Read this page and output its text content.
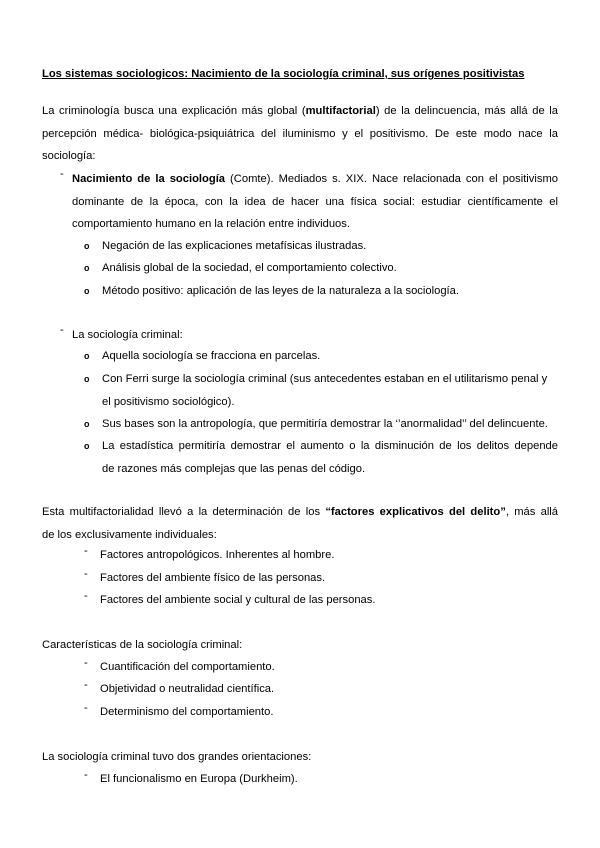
Los sistemas sociologicos: Nacimiento de la sociología criminal, sus orígenes positivistas
La criminología busca una explicación más global (multifactorial) de la delincuencia, más allá de la
percepción médica- biológica-psiquiátrica del iluminismo y el positivismo. De este modo nace la
sociología:
- Nacimiento de la sociología (Comte). Mediados s. XIX. Nace relacionada con el positivismo
dominante de la época, con la idea de hacer una física social: estudiar científicamente el
comportamiento humano en la relación entre individuos.
o Negación de las explicaciones metafísicas ilustradas.
o Análisis global de la sociedad, el comportamiento colectivo.
o Método positivo: aplicación de las leyes de la naturaleza a la sociología.
- La sociología criminal:
o Aquella sociología se fracciona en parcelas.
o Con Ferri surge la sociología criminal (sus antecedentes estaban en el utilitarismo penal y
el positivismo sociológico).
o Sus bases son la antropología, que permitiría demostrar la ‘’anormalidad’’ del delincuente.
o La estadística permitiría demostrar el aumento o la disminución de los delitos depende
de razones más complejas que las penas del código.
Esta multifactorialidad llevó a la determinación de los “factores explicativos del delito”, más allá
de los exclusivamente individuales:
- Factores antropológicos. Inherentes al hombre.
- Factores del ambiente físico de las personas.
- Factores del ambiente social y cultural de las personas.
Características de la sociología criminal:
- Cuantificación del comportamiento.
- Objetividad o neutralidad científica.
- Determinismo del comportamiento.
La sociología criminal tuvo dos grandes orientaciones:
- El funcionalismo en Europa (Durkheim).
